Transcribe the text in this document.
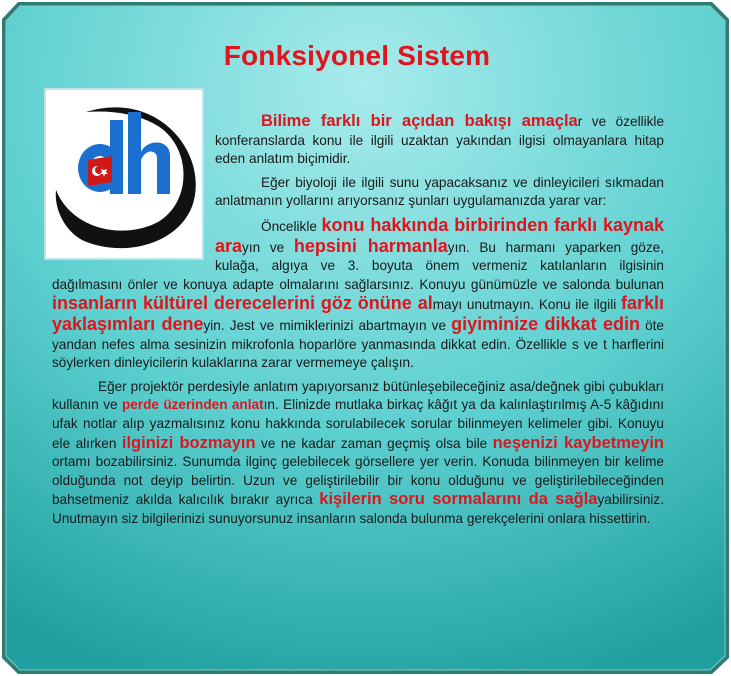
Fonksiyonel Sistem

Bilime farklı bir açıdan bakışı amaçlar ve özellikle konferanslarda konu ile ilgili uzaktan yakından ilgisi olmayanlara hitap eden anlatım biçimidir.

Eğer biyoloji ile ilgili sunu yapacaksanız ve dinleyicileri sıkmadan anlatmanın yollarını arıyorsanız şunları uygulamanızda yarar var:

Öncelikle konu hakkında birbirinden farklı kaynak arayın ve hepsini harmanlayın. Bu harmanı yaparken göze, kulağa, algıya ve 3. boyuta önem vermeniz katılanların ilgisinin dağılmasını önler ve konuya adapte olmalarını sağlarsınız. Konuyu günümüzle ve salonda bulunan insanların kültürel derecelerini göz önüne almayı unutmayın. Konu ile ilgili farklı yaklaşımları deneyin. Jest ve mimiklerinizi abartmayın ve giyiminize dikkat edin öte yandan nefes alma sesinizin mikrofonla hoparlöre yanmasında dikkat edin. Özellikle s ve t harflerini söylerken dinleyicilerin kulaklarına zarar vermemeye çalışın.

Eğer projektör perdesiyle anlatım yapıyorsanız bütünleşebileceğiniz asa/değnek gibi çubukları kullanın ve perde üzerinden anlatın. Elinizde mutlaka birkaç kâğıt ya da kalınlaştırılmış A-5 kâğıdını ufak notlar alıp yazmalısınız konu hakkında sorulabilecek sorular bilinmeyen kelimeler gibi. Konuyu ele alırken ilginizi bozmayın ve ne kadar zaman geçmiş olsa bile neşenizi kaybetmeyin ortamı bozabilirsiniz. Sunumda ilginç gelebilecek görsellere yer verin. Konuda bilinmeyen bir kelime olduğunda not deyip belirtin. Uzun ve geliştirilebilir bir konu olduğunu ve geliştirilebileceğinden bahsetmeniz akılda kalıcılık bırakır ayrıca kişilerin soru sormalarını da sağlayabilirsiniz. Unutmayın siz bilgilerinizi sunuyorsunuz insanların salonda bulunma gerekçelerini onlara hissettirin.
